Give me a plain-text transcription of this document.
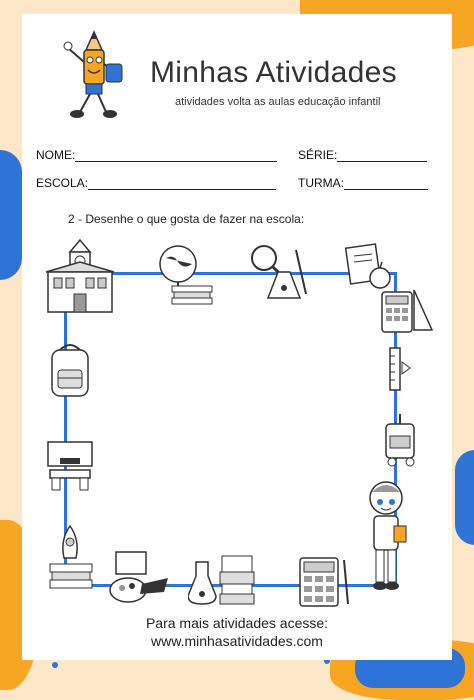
Minhas Atividades
atividades volta as aulas educação infantil
NOME:	SÉRIE:
ESCOLA:	TURMA:
2 - Desenhe o que gosta de fazer na escola:
Para mais atividades acesse:
www.minhasatividades.com
